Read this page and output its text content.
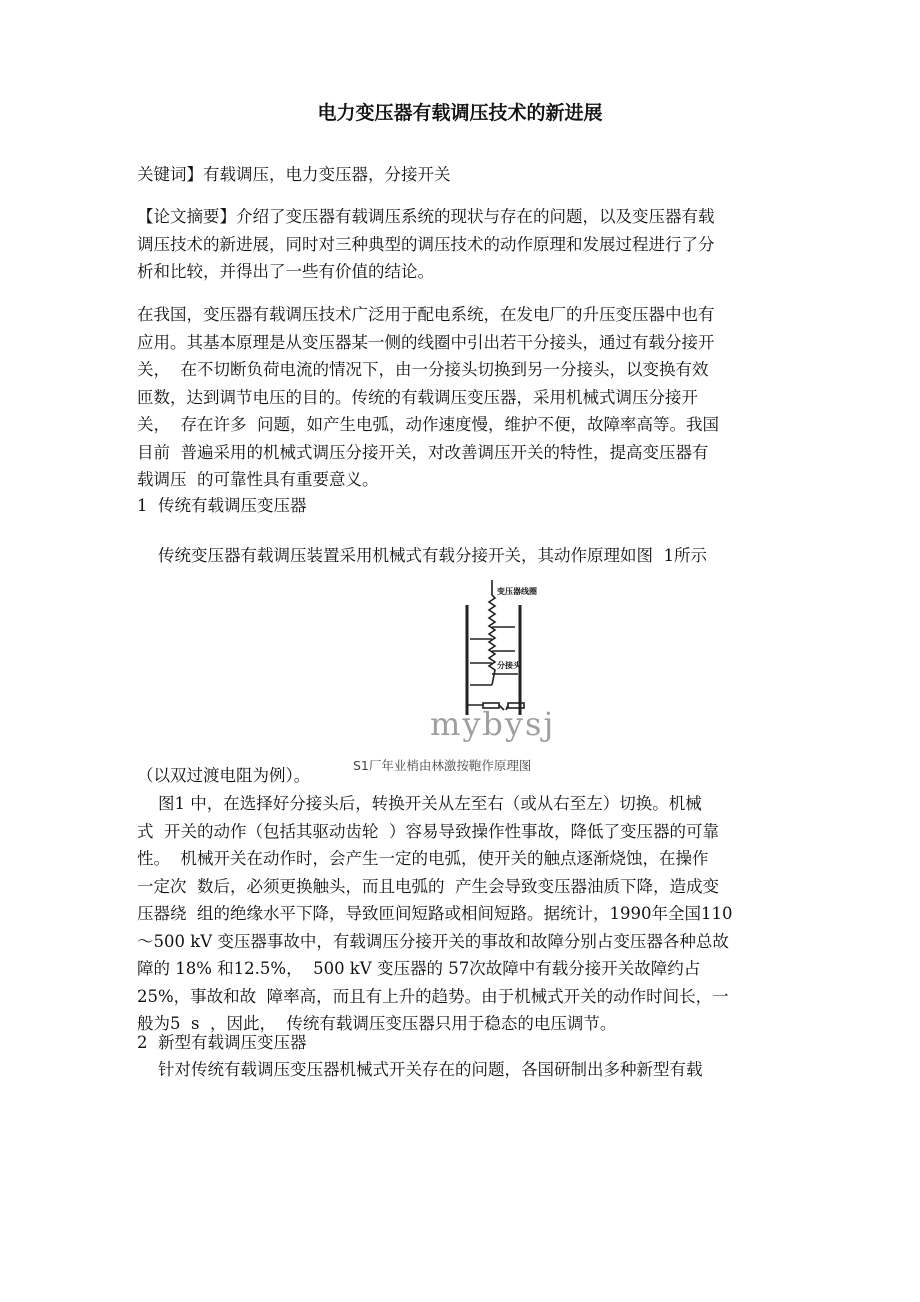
电力变压器有载调压技术的新进展
关键词】有载调压，电力变压器，分接开关
【论文摘要】介绍了变压器有载调压系统的现状与存在的问题，以及变压器有载
调压技术的新进展，同时对三种典型的调压技术的动作原理和发展过程进行了分
析和比较，并得出了一些有价值的结论。
在我国，变压器有载调压技术广泛用于配电系统，在发电厂的升压变压器中也有
应用。其基本原理是从变压器某一侧的线圈中引出若干分接头，通过有载分接开
关，  在不切断负荷电流的情况下，由一分接头切换到另一分接头，以变换有效
匝数，达到调节电压的目的。传统的有载调压变压器，采用机械式调压分接开
关，  存在许多  问题，如产生电弧，动作速度慢，维护不便，故障率高等。我国
目前  普遍采用的机械式调压分接开关，对改善调压开关的特性，提高变压器有
载调压  的可靠性具有重要意义。
1  传统有载调压变压器
传统变压器有载调压装置采用机械式有载分接开关，其动作原理如图  1所示
变压器线圈
分接头
mybysj
S1厂年业梢由林激按鞄作原理图
（以双过渡电阻为例）。
图1 中，在选择好分接头后，转换开关从左至右（或从右至左）切换。机械
式  开关的动作（包括其驱动齿轮  ）容易导致操作性事故，降低了变压器的可靠
性。  机械开关在动作时，会产生一定的电弧，使开关的触点逐渐烧蚀，在操作
一定次  数后，必须更换触头，而且电弧的  产生会导致变压器油质下降，造成变
压器绕  组的绝缘水平下降，导致匝间短路或相间短路。据统计，1990年全国110
～500 kV 变压器事故中，有载调压分接开关的事故和故障分别占变压器各种总故
障的 18% 和12.5%，  500 kV 变压器的 57次故障中有载分接开关故障约占
25%，事故和故  障率高，而且有上升的趋势。由于机械式开关的动作时间长，一
般为5  s  ，因此，  传统有载调压变压器只用于稳态的电压调节。
2  新型有载调压变压器
针对传统有载调压变压器机械式开关存在的问题，各国研制出多种新型有载
